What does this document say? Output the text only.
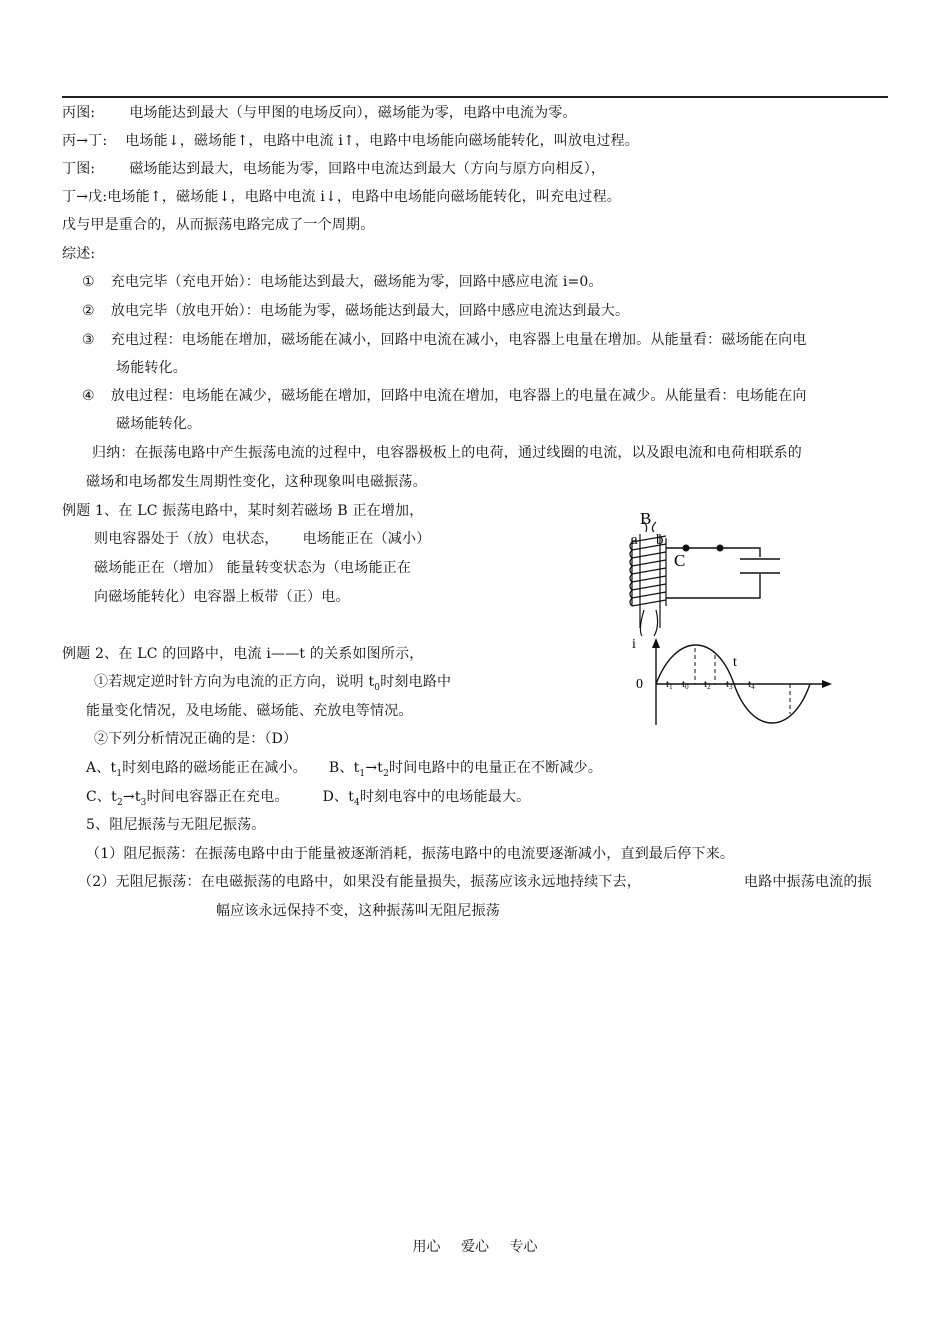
丙图: 电场能达到最大（与甲图的电场反向），磁场能为零，电路中电流为零。
丙→丁: 电场能↓，磁场能↑，电路中电流 i↑，电路中电场能向磁场能转化，叫放电过程。
丁图: 磁场能达到最大，电场能为零，回路中电流达到最大（方向与原方向相反），
丁→戊:电场能↑，磁场能↓，电路中电流 i↓，电路中电场能向磁场能转化，叫充电过程。
戊与甲是重合的，从而振荡电路完成了一个周期。
综述:
① 充电完毕（充电开始）：电场能达到最大，磁场能为零，回路中感应电流 i=0。
② 放电完毕（放电开始）：电场能为零，磁场能达到最大，回路中感应电流达到最大。
③ 充电过程：电场能在增加，磁场能在减小，回路中电流在减小，电容器上电量在增加。从能量看：磁场能在向电
场能转化。
④ 放电过程：电场能在减少，磁场能在增加，回路中电流在增加，电容器上的电量在减少。从能量看：电场能在向
磁场能转化。
归纳：在振荡电路中产生振荡电流的过程中，电容器极板上的电荷，通过线圈的电流，以及跟电流和电荷相联系的
磁场和电场都发生周期性变化，这种现象叫电磁振荡。
例题 1、在 LC 振荡电路中，某时刻若磁场 B 正在增加，
则电容器处于（放）电状态， 电场能正在（减小）
磁场能正在（增加） 能量转变状态为（电场能正在
向磁场能转化）电容器上板带（正）电。
B
a b
C
例题 2、在 LC 的回路中，电流 i——t 的关系如图所示，
①若规定逆时针方向为电流的正方向，说明 $t_0$时刻电路中
能量变化情况，及电场能、磁场能、充放电等情况。
②下列分析情况正确的是：（D）
A、$t_1$时刻电路的磁场能正在减小。 B、$t_1\to t_2$时间电路中的电量正在不断减少。
C、$t_2\to t_3$时间电容器正在充电。 D、$t_4$时刻电容中的电场能最大。
i
t
0 t1 t0 t2 t3 t4
5、阻尼振荡与无阻尼振荡。
（1）阻尼振荡：在振荡电路中由于能量被逐渐消耗，振荡电路中的电流要逐渐减小，直到最后停下来。
（2）无阻尼振荡：在电磁振荡的电路中，如果没有能量损失，振荡应该永远地持续下去，	电路中振荡电流的振
幅应该永远保持不变，这种振荡叫无阻尼振荡
用心 爱心 专心
